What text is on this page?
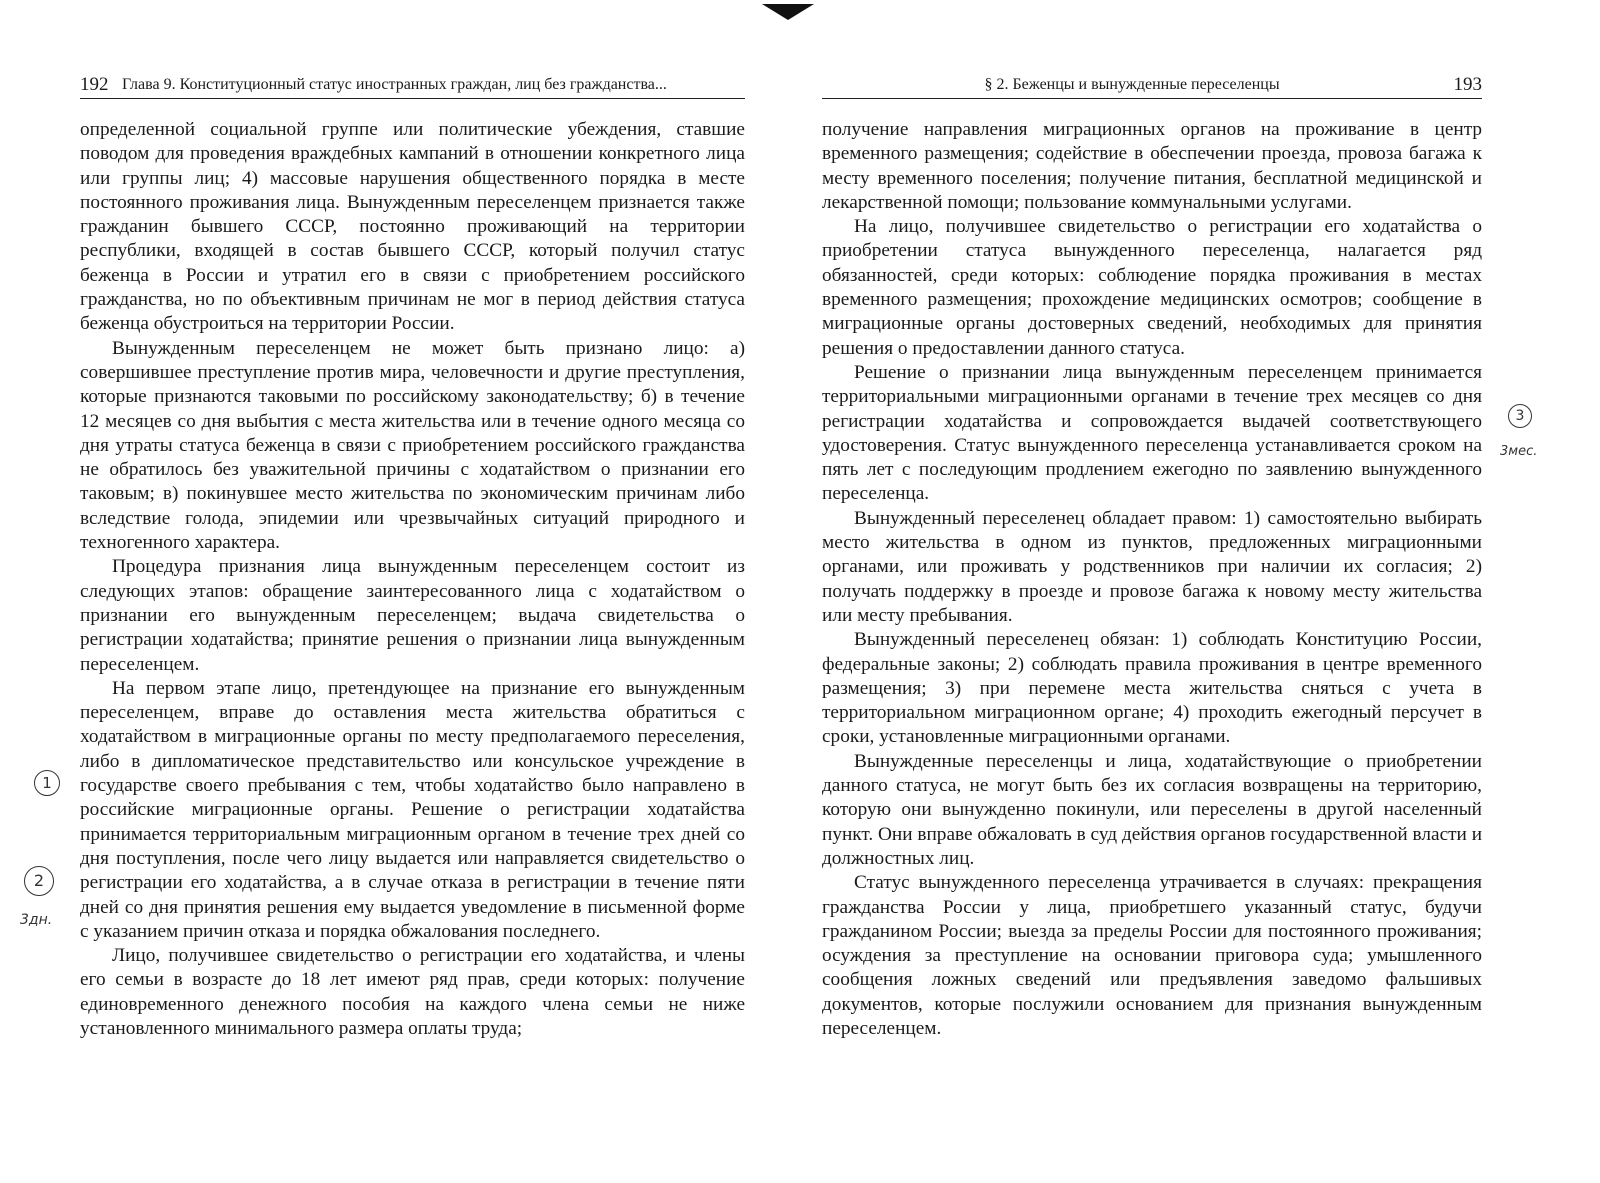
192 Глава 9. Конституционный статус иностранных граждан, лиц без гражданства...

определенной социальной группе или политические убеждения, ставшие поводом для проведения враждебных кампаний в отношении конкретного лица или группы лиц; 4) массовые нарушения общественного порядка в месте постоянного проживания лица. Вынужденным переселенцем признается также гражданин бывшего СССР, постоянно проживающий на территории республики, входящей в состав бывшего СССР, который получил статус беженца в России и утратил его в связи с приобретением российского гражданства, но по объективным причинам не мог в период действия статуса беженца обустроиться на территории России.

Вынужденным переселенцем не может быть признано лицо: а) совершившее преступление против мира, человечности и другие преступления, которые признаются таковыми по российскому законодательству; б) в течение 12 месяцев со дня выбытия с места жительства или в течение одного месяца со дня утраты статуса беженца в связи с приобретением российского гражданства не обратилось без уважительной причины с ходатайством о признании его таковым; в) покинувшее место жительства по экономическим причинам либо вследствие голода, эпидемии или чрезвычайных ситуаций природного и техногенного характера.

Процедура признания лица вынужденным переселенцем состоит из следующих этапов: обращение заинтересованного лица с ходатайством о признании его вынужденным переселенцем; выдача свидетельства о регистрации ходатайства; принятие решения о признании лица вынужденным переселенцем.

На первом этапе лицо, претендующее на признание его вынужденным переселенцем, вправе до оставления места жительства обратиться с ходатайством в миграционные органы по месту предполагаемого переселения, либо в дипломатическое представительство или консульское учреждение в государстве своего пребывания с тем, чтобы ходатайство было направлено в российские миграционные органы. Решение о регистрации ходатайства принимается территориальным миграционным органом в течение трех дней со дня поступления, после чего лицу выдается или направляется свидетельство о регистрации его ходатайства, а в случае отказа в регистрации в течение пяти дней со дня принятия решения ему выдается уведомление в письменной форме с указанием причин отказа и порядка обжалования последнего.

Лицо, получившее свидетельство о регистрации его ходатайства, и члены его семьи в возрасте до 18 лет имеют ряд прав, среди которых: получение единовременного денежного пособия на каждого члена семьи не ниже установленного минимального размера оплаты труда;

1
2
3дн.
§ 2. Беженцы и вынужденные переселенцы	193

получение направления миграционных органов на проживание в центр временного размещения; содействие в обеспечении проезда, провоза багажа к месту временного поселения; получение питания, бесплатной медицинской и лекарственной помощи; пользование коммунальными услугами.

На лицо, получившее свидетельство о регистрации его ходатайства о приобретении статуса вынужденного переселенца, налагается ряд обязанностей, среди которых: соблюдение порядка проживания в местах временного размещения; прохождение медицинских осмотров; сообщение в миграционные органы достоверных сведений, необходимых для принятия решения о предоставлении данного статуса.

Решение о признании лица вынужденным переселенцем принимается территориальными миграционными органами в течение трех месяцев со дня регистрации ходатайства и сопровождается выдачей соответствующего удостоверения. Статус вынужденного переселенца устанавливается сроком на пять лет с последующим продлением ежегодно по заявлению вынужденного переселенца.

Вынужденный переселенец обладает правом: 1) самостоятельно выбирать место жительства в одном из пунктов, предложенных миграционными органами, или проживать у родственников при наличии их согласия; 2) получать поддержку в проезде и провозе багажа к новому месту жительства или месту пребывания.

Вынужденный переселенец обязан: 1) соблюдать Конституцию России, федеральные законы; 2) соблюдать правила проживания в центре временного размещения; 3) при перемене места жительства сняться с учета в территориальном миграционном органе; 4) проходить ежегодный персучет в сроки, установленные миграционными органами.

Вынужденные переселенцы и лица, ходатайствующие о приобретении данного статуса, не могут быть без их согласия возвращены на территорию, которую они вынужденно покинули, или переселены в другой населенный пункт. Они вправе обжаловать в суд действия органов государственной власти и должностных лиц.

Статус вынужденного переселенца утрачивается в случаях: прекращения гражданства России у лица, приобретшего указанный статус, будучи гражданином России; выезда за пределы России для постоянного проживания; осуждения за преступление на основании приговора суда; умышленного сообщения ложных сведений или предъявления заведомо фальшивых документов, которые послужили основанием для признания вынужденным переселенцем.

3
3мес.
